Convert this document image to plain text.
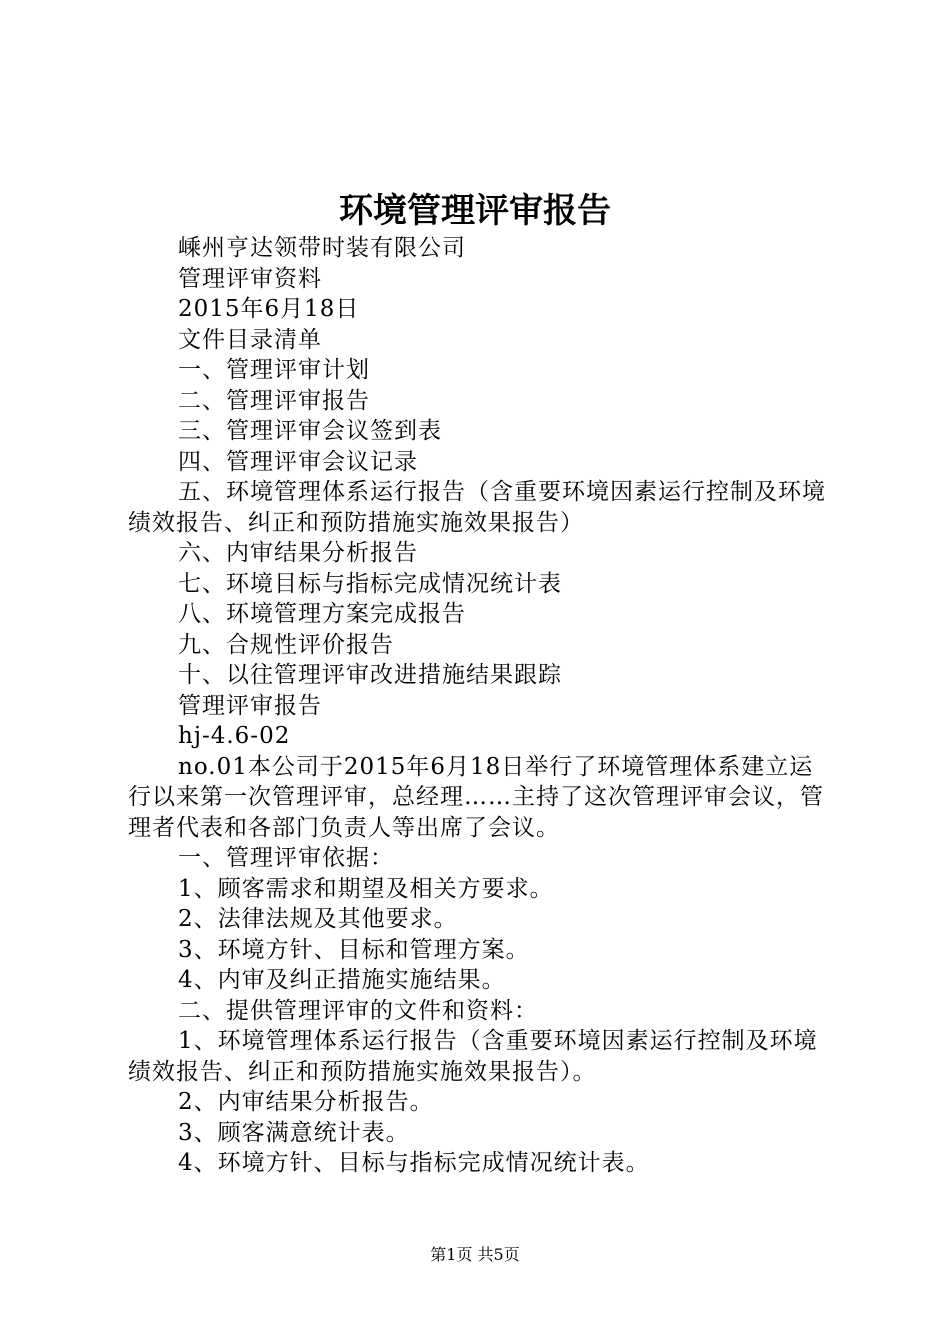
环境管理评审报告

嵊州亨达领带时装有限公司

管理评审资料

2015年6月18日

文件目录清单

一、管理评审计划

二、管理评审报告

三、管理评审会议签到表

四、管理评审会议记录

五、环境管理体系运行报告（含重要环境因素运行控制及环境绩效报告、纠正和预防措施实施效果报告）

六、内审结果分析报告

七、环境目标与指标完成情况统计表

八、环境管理方案完成报告

九、合规性评价报告

十、以往管理评审改进措施结果跟踪

管理评审报告

hj-4.6-02

no.01本公司于2015年6月18日举行了环境管理体系建立运行以来第一次管理评审，总经理……主持了这次管理评审会议，管理者代表和各部门负责人等出席了会议。

一、管理评审依据：

1、顾客需求和期望及相关方要求。

2、法律法规及其他要求。

3、环境方针、目标和管理方案。

4、内审及纠正措施实施结果。

二、提供管理评审的文件和资料：

1、环境管理体系运行报告（含重要环境因素运行控制及环境绩效报告、纠正和预防措施实施效果报告）。

2、内审结果分析报告。

3、顾客满意统计表。

4、环境方针、目标与指标完成情况统计表。

第1页 共5页
